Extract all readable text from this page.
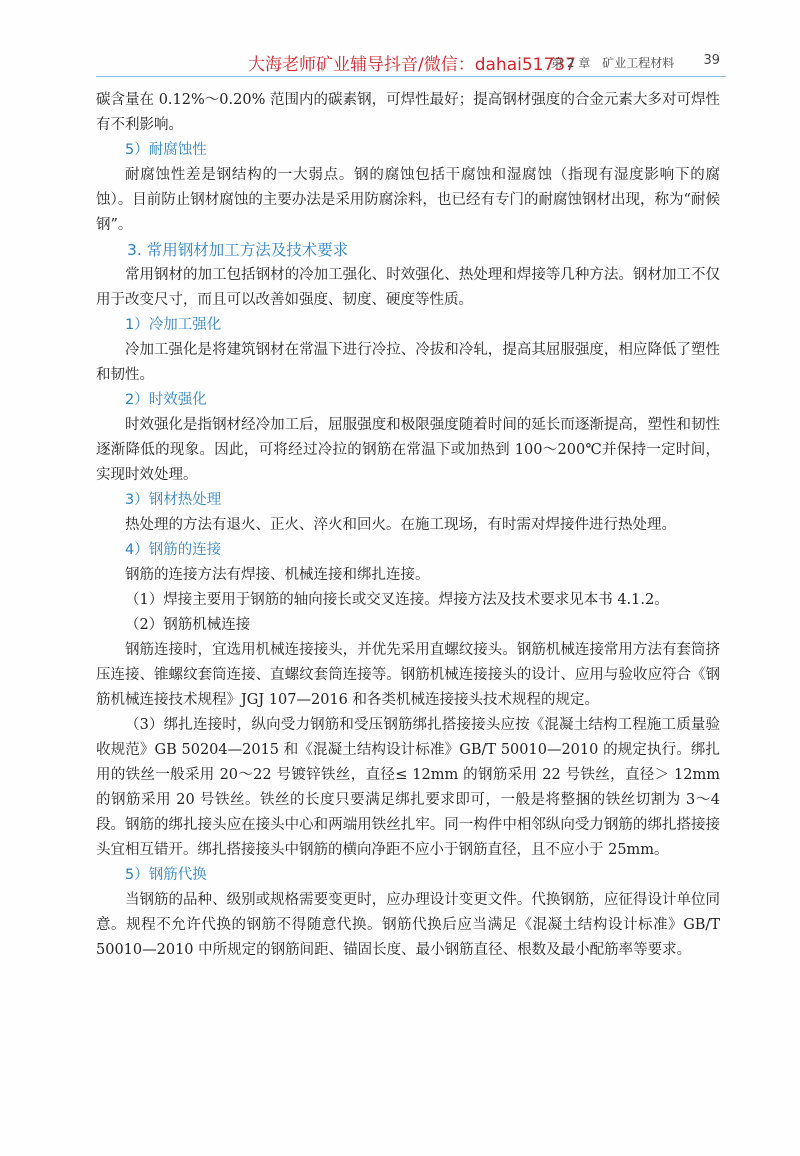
大海老师矿业辅导抖音/微信：dahai51737
第 2 章　矿业工程材料 39

碳含量在 0.12%～0.20% 范围内的碳素钢，可焊性最好；提高钢材强度的合金元素大多对可焊性有不利影响。

5）耐腐蚀性

耐腐蚀性差是钢结构的一大弱点。钢的腐蚀包括干腐蚀和湿腐蚀（指现有湿度影响下的腐蚀）。目前防止钢材腐蚀的主要办法是采用防腐涂料，也已经有专门的耐腐蚀钢材出现，称为“耐候钢”。

3. 常用钢材加工方法及技术要求

常用钢材的加工包括钢材的冷加工强化、时效强化、热处理和焊接等几种方法。钢材加工不仅用于改变尺寸，而且可以改善如强度、韧度、硬度等性质。

1）冷加工强化

冷加工强化是将建筑钢材在常温下进行冷拉、冷拔和冷轧，提高其屈服强度，相应降低了塑性和韧性。

2）时效强化

时效强化是指钢材经冷加工后，屈服强度和极限强度随着时间的延长而逐渐提高，塑性和韧性逐渐降低的现象。因此，可将经过冷拉的钢筋在常温下或加热到 100～200℃并保持一定时间，实现时效处理。

3）钢材热处理

热处理的方法有退火、正火、淬火和回火。在施工现场，有时需对焊接件进行热处理。

4）钢筋的连接

钢筋的连接方法有焊接、机械连接和绑扎连接。

（1）焊接主要用于钢筋的轴向接长或交叉连接。焊接方法及技术要求见本书 4.1.2。

（2）钢筋机械连接

钢筋连接时，宜选用机械连接接头，并优先采用直螺纹接头。钢筋机械连接常用方法有套筒挤压连接、锥螺纹套筒连接、直螺纹套筒连接等。钢筋机械连接接头的设计、应用与验收应符合《钢筋机械连接技术规程》JGJ 107—2016 和各类机械连接接头技术规程的规定。

（3）绑扎连接时，纵向受力钢筋和受压钢筋绑扎搭接接头应按《混凝土结构工程施工质量验收规范》GB 50204—2015 和《混凝土结构设计标准》GB/T 50010—2010 的规定执行。绑扎用的铁丝一般采用 20～22 号镀锌铁丝，直径≤ 12mm 的钢筋采用 22 号铁丝，直径＞ 12mm 的钢筋采用 20 号铁丝。铁丝的长度只要满足绑扎要求即可，一般是将整捆的铁丝切割为 3～4 段。钢筋的绑扎接头应在接头中心和两端用铁丝扎牢。同一构件中相邻纵向受力钢筋的绑扎搭接接头宜相互错开。绑扎搭接接头中钢筋的横向净距不应小于钢筋直径，且不应小于 25mm。

5）钢筋代换

当钢筋的品种、级别或规格需要变更时，应办理设计变更文件。代换钢筋，应征得设计单位同意。规程不允许代换的钢筋不得随意代换。钢筋代换后应当满足《混凝土结构设计标准》GB/T 50010—2010 中所规定的钢筋间距、锚固长度、最小钢筋直径、根数及最小配筋率等要求。
